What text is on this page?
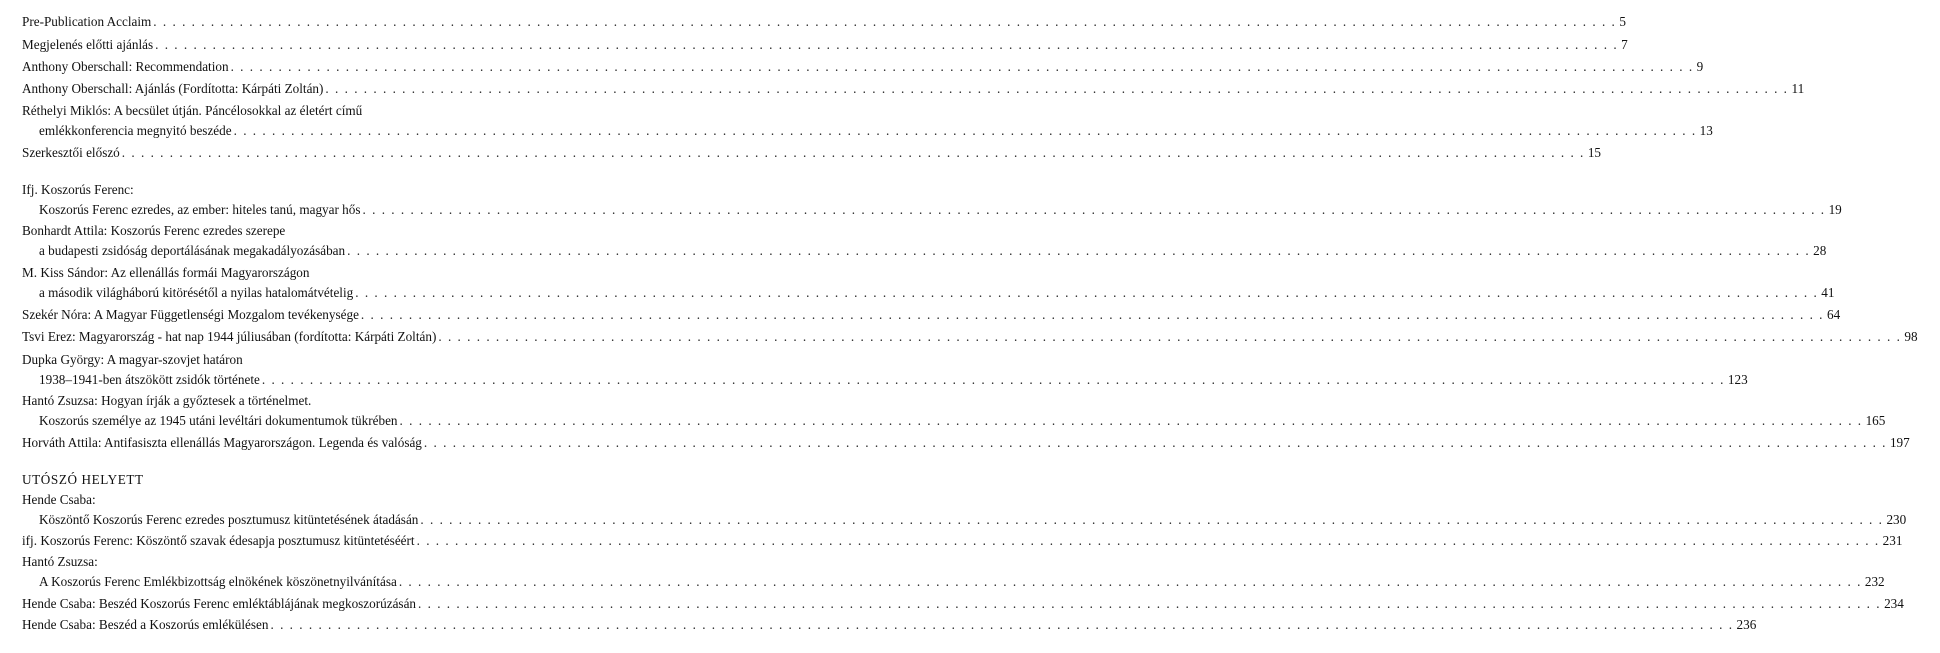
Pre-Publication Acclaim . . .	5
Megjelenés előtti ajánlás . . .	7
Anthony Oberschall: Recommendation . . .	9
Anthony Oberschall: Ajánlás (Fordította: Kárpáti Zoltán) . . .	11
Réthelyi Miklós: A becsület útján. Páncélosokkal az életért című
emlékkonferencia megnyitó beszéde . . .	13
Szerkesztői előszó . . .	15
Ifj. Koszorús Ferenc:
Koszorús Ferenc ezredes, az ember: hiteles tanú, magyar hős . . .	19
Bonhardt Attila: Koszorús Ferenc ezredes szerepe
a budapesti zsidóság deportálásának megakadályozásában . . .	28
M. Kiss Sándor: Az ellenállás formái Magyarországon
a második világháború kitörésétől a nyilas hatalomátvételig . . .	41
Szekér Nóra: A Magyar Függetlenségi Mozgalom tevékenysége . . .	64
Tsvi Erez: Magyarország - hat nap 1944 júliusában (fordította: Kárpáti Zoltán) . . .	98
Dupka György: A magyar-szovjet határon
1938–1941-ben átszökött zsidók története . . .	123
Hantó Zsuzsa: Hogyan írják a győztesek a történelmet.
Koszorús személye az 1945 utáni levéltári dokumentumok tükrében . . .	165
Horváth Attila: Antifasiszta ellenállás Magyarországon. Legenda és valóság . . .	197
UTÓSZÓ HELYETT
Hende Csaba:
Köszöntő Koszorús Ferenc ezredes posztumusz kitüntetésének átadásán . . .	230
ifj. Koszorús Ferenc: Köszöntő szavak édesapja posztumusz kitüntetéséért . . .	231
Hantó Zsuzsa:
A Koszorús Ferenc Emlékbizottság elnökének köszönetnyilvánítása . . .	232
Hende Csaba: Beszéd Koszorús Ferenc emléktáblájának megkoszorúzásán . . .	234
Hende Csaba: Beszéd a Koszorús emlékülésen . . .	236
